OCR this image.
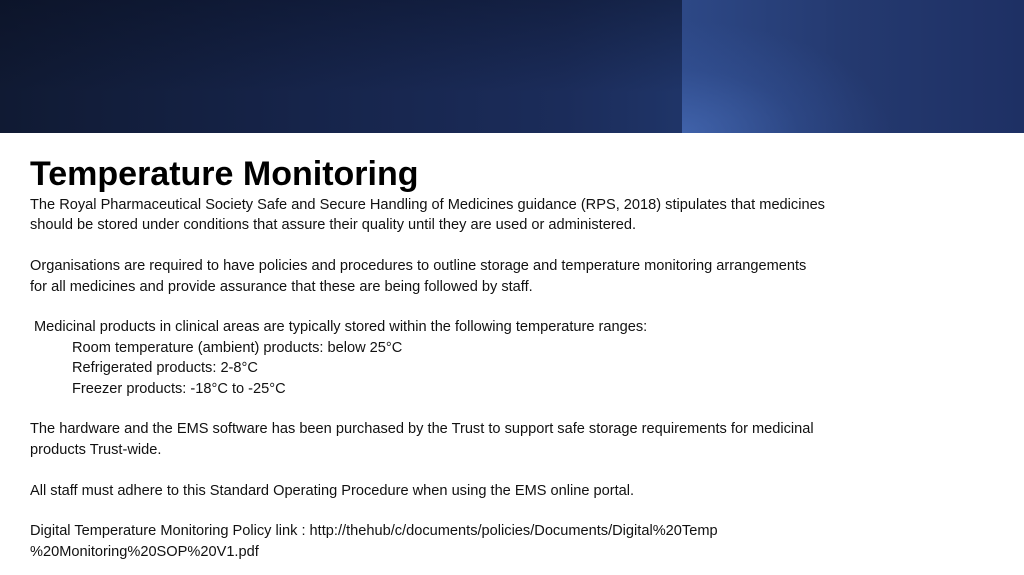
Temperature Monitoring

The Royal Pharmaceutical Society Safe and Secure Handling of Medicines guidance (RPS, 2018) stipulates that medicines

should be stored under conditions that assure their quality until they are used or administered.

Organisations are required to have policies and procedures to outline storage and temperature monitoring arrangements

for all medicines and provide assurance that these are being followed by staff.

Medicinal products in clinical areas are typically stored within the following temperature ranges:

Room temperature (ambient) products: below 25°C

Refrigerated products: 2-8°C

Freezer products: -18°C to -25°C

The hardware and the EMS software has been purchased by the Trust to support safe storage requirements for medicinal

products Trust-wide.

All staff must adhere to this Standard Operating Procedure when using the EMS online portal.

Digital Temperature Monitoring Policy link : http://thehub/c/documents/policies/Documents/Digital%20Temp

%20Monitoring%20SOP%20V1.pdf
